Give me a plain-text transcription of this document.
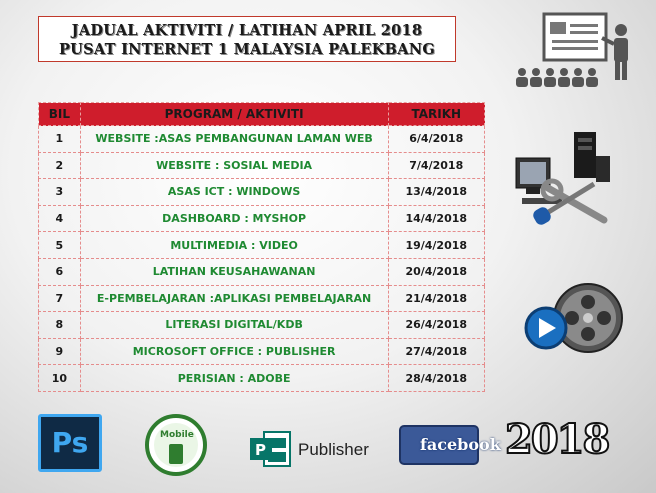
JADUAL AKTIVITI / LATIHAN APRIL 2018
PUSAT INTERNET 1 MALAYSIA PALEKBANG
BIL	PROGRAM / AKTIVITI	TARIKH
1	WEBSITE :ASAS PEMBANGUNAN LAMAN WEB	6/4/2018
2	WEBSITE : SOSIAL MEDIA	7/4/2018
3	ASAS ICT : WINDOWS	13/4/2018
4	DASHBOARD : MYSHOP	14/4/2018
5	MULTIMEDIA : VIDEO	19/4/2018
6	LATIHAN KEUSAHAWANAN	20/4/2018
7	E-PEMBELAJARAN :APLIKASI PEMBELAJARAN	21/4/2018
8	LITERASI DIGITAL/KDB	26/4/2018
9	MICROSOFT OFFICE : PUBLISHER	27/4/2018
10	PERISIAN : ADOBE	28/4/2018
Ps	Mobile
P Publisher	facebook 2018
